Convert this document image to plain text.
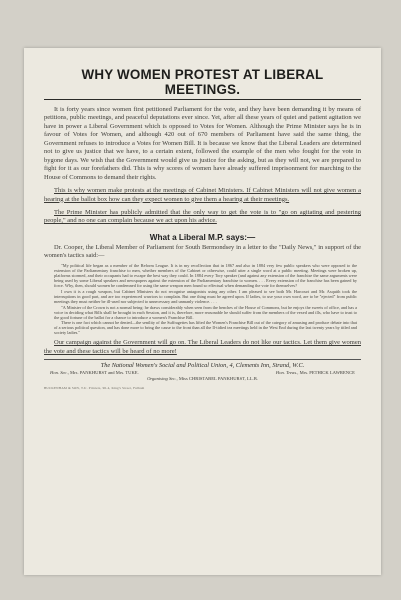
WHY WOMEN PROTEST AT LIBERAL MEETINGS.

It is forty years since women first petitioned Parliament for the vote, and they have been demanding it by means of petitions, public meetings, and peaceful deputations ever since. Yet, after all these years of quiet and patient agitation we have in power a Liberal Government which is opposed to Votes for Women. Although the Prime Minister says he is in favour of Votes for Women, and although 420 out of 670 members of Parliament have said the same thing, the Government refuses to introduce a Votes for Women Bill. It is because we know that the Liberal Leaders are determined not to give us justice that we have, to a certain extent, followed the example of the men who fought for the vote in bygone days. We wish that the Government would give us justice for the asking, but as they will not, we are prepared to fight for it as our forefathers did. This is why scores of women have already suffered imprisonment for marching to the House of Commons to demand their rights.

This is why women make protests at the meetings of Cabinet Ministers. If Cabinet Ministers will not give women a hearing at the ballot box how can they expect women to give them a hearing at their meetings.

The Prime Minister has publicly admitted that the only way to get the vote is to "go on agitating and pestering people," and no one can complain because we act upon his advice.

What a Liberal M.P. says:—

Dr. Cooper, the Liberal Member of Parliament for South Bermondsey in a letter to the "Daily News," in support of the women's tactics said:—

"My political life began as a member of the Reform League. It is in my recollection that in 1867 and also in 1884 very few public speakers who were opposed to the extension of the Parliamentary franchise to men, whether members of the Cabinet or otherwise, could utter a single word at a public meeting. Meetings were broken up, platforms stormed, and their occupants had to escape the best way they could. In 1884 every Tory speaker (and against any extension of the franchise the same arguments were being used by some Liberal speakers and newspapers against the extension of the Parliamentary franchise to women. . . . Every extension of the franchise has been gained by force. Why, then, should women be condemned for using the same weapon men found so effectual when demanding the vote for themselves?

I own it is a rough weapon, but Cabinet Ministers do not recognise antagonists using any other. I am pleased to see both Mr. Harcourt and Mr. Asquith took the interruptions in good part, and are too experienced warriors to complain. But one thing must be agreed upon. If ladies, to use your own word, are to be "ejected" from public meetings they must neither be ill-used nor subjected to unnecessary and unmanly violence. . . .

"A Minister of the Crown is not a normal being: he draws considerably when seen from the benches of the House of Commons, but he enjoys the sweets of office, and has a voice in deciding what Bills shall be brought in each Session, and it is, therefore, more reasonable he should suffer from the members of the vexed and ills, who have to trust to the good fortune of the ballot for a chance to introduce a women's Franchise Bill.

There is one fact which cannot be denied—the senility of the Suffragettes has lifted the Women's Franchise Bill out of the category of amusing and produce debate into that of a serious political question, and has done more to bring the cause to the front than all the Il-tidied tea meetings held in the West End during the last twenty years by titled and society ladies."

Our campaign against the Government will go on. The Liberal Leaders do not like our tactics. Let them give women the vote and these tactics will be heard of no more!

The National Women's Social and Political Union, 4, Clements Inn, Strand, W.C.
Hon. Sec., Mrs. PANKHURST and Mrs. TUKE.	Hon. Treas., Mrs. PETHICK LAWRENCE
Organising Sec., Miss CHRISTABEL PANKHURST, LL.B.
BUCKENHAM & SON, T.U. Printers, 96-4, King's Street, Fulham
